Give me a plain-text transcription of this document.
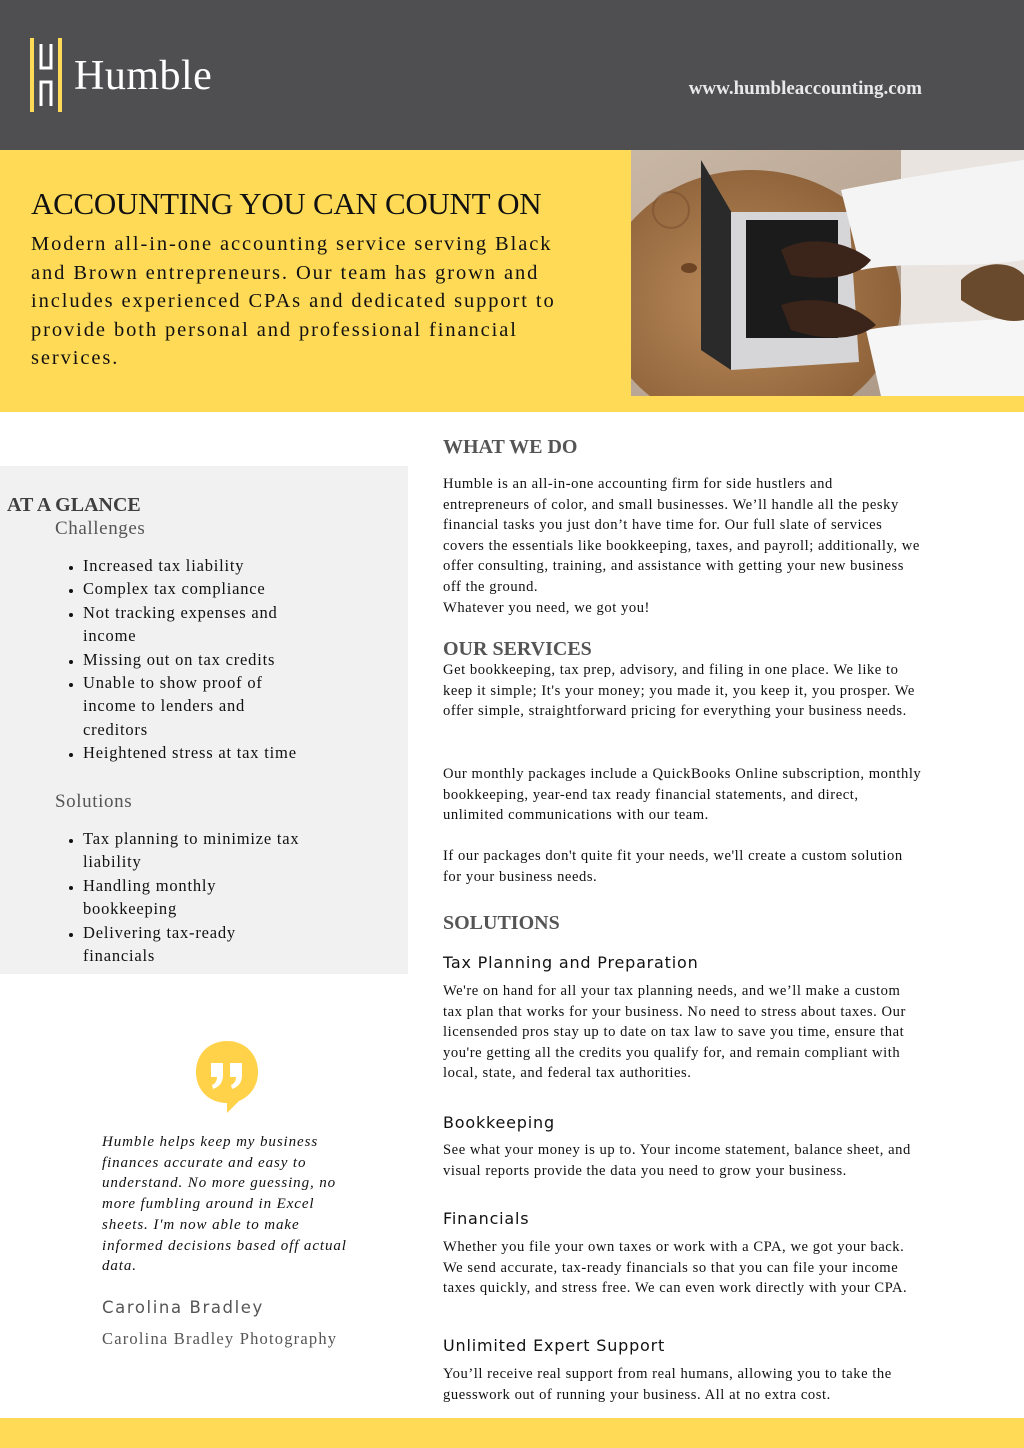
Humble	www.humbleaccounting.com
ACCOUNTING YOU CAN COUNT ON

Modern all-in-one accounting service serving Black and Brown entrepreneurs. Our team has grown and includes experienced CPAs and dedicated support to provide both personal and professional financial services.

AT A GLANCE

Challenges

• Increased tax liability
• Complex tax compliance
• Not tracking expenses and income
• Missing out on tax credits
• Unable to show proof of income to lenders and creditors
• Heightened stress at tax time

Solutions

• Tax planning to minimize tax liability
• Handling monthly bookkeeping
• Delivering tax-ready financials

Humble helps keep my business finances accurate and easy to understand. No more guessing, no more fumbling around in Excel sheets. I'm now able to make informed decisions based off actual data.

Carolina Bradley

Carolina Bradley Photography

WHAT WE DO

Humble is an all-in-one accounting firm for side hustlers and entrepreneurs of color, and small businesses. We’ll handle all the pesky financial tasks you just don’t have time for. Our full slate of services covers the essentials like bookkeeping, taxes, and payroll; additionally, we offer consulting, training, and assistance with getting your new business off the ground.

Whatever you need, we got you!

OUR SERVICES

Get bookkeeping, tax prep, advisory, and filing in one place. We like to keep it simple; It's your money; you made it, you keep it, you prosper. We offer simple, straightforward pricing for everything your business needs.

Our monthly packages include a QuickBooks Online subscription, monthly bookkeeping, year-end tax ready financial statements, and direct, unlimited communications with our team.

If our packages don't quite fit your needs, we'll create a custom solution for your business needs.

SOLUTIONS

Tax Planning and Preparation

We're on hand for all your tax planning needs, and we’ll make a custom tax plan that works for your business. No need to stress about taxes. Our licensended pros stay up to date on tax law to save you time, ensure that you're getting all the credits you qualify for, and remain compliant with local, state, and federal tax authorities.

Bookkeeping

See what your money is up to. Your income statement, balance sheet, and visual reports provide the data you need to grow your business.

Financials

Whether you file your own taxes or work with a CPA, we got your back. We send accurate, tax-ready financials so that you can file your income taxes quickly, and stress free. We can even work directly with your CPA.

Unlimited Expert Support

You’ll receive real support from real humans, allowing you to take the guesswork out of running your business. All at no extra cost.
